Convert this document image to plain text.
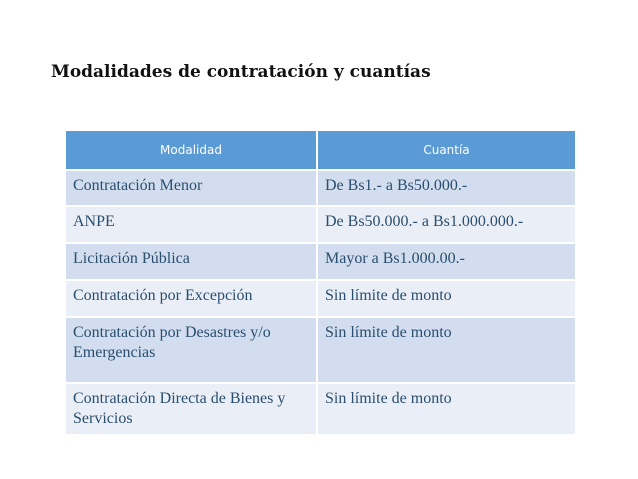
Modalidades de contratación y cuantías
Modalidad	Cuantía
Contratación Menor	De Bs1.- a Bs50.000.-
ANPE	De Bs50.000.- a Bs1.000.000.-
Licitación Pública	Mayor a Bs1.000.00.-
Contratación por Excepción	Sin límite de monto
Contratación por Desastres y/o Emergencias	Sin límite de monto
Contratación Directa de Bienes y Servicios	Sin límite de monto
